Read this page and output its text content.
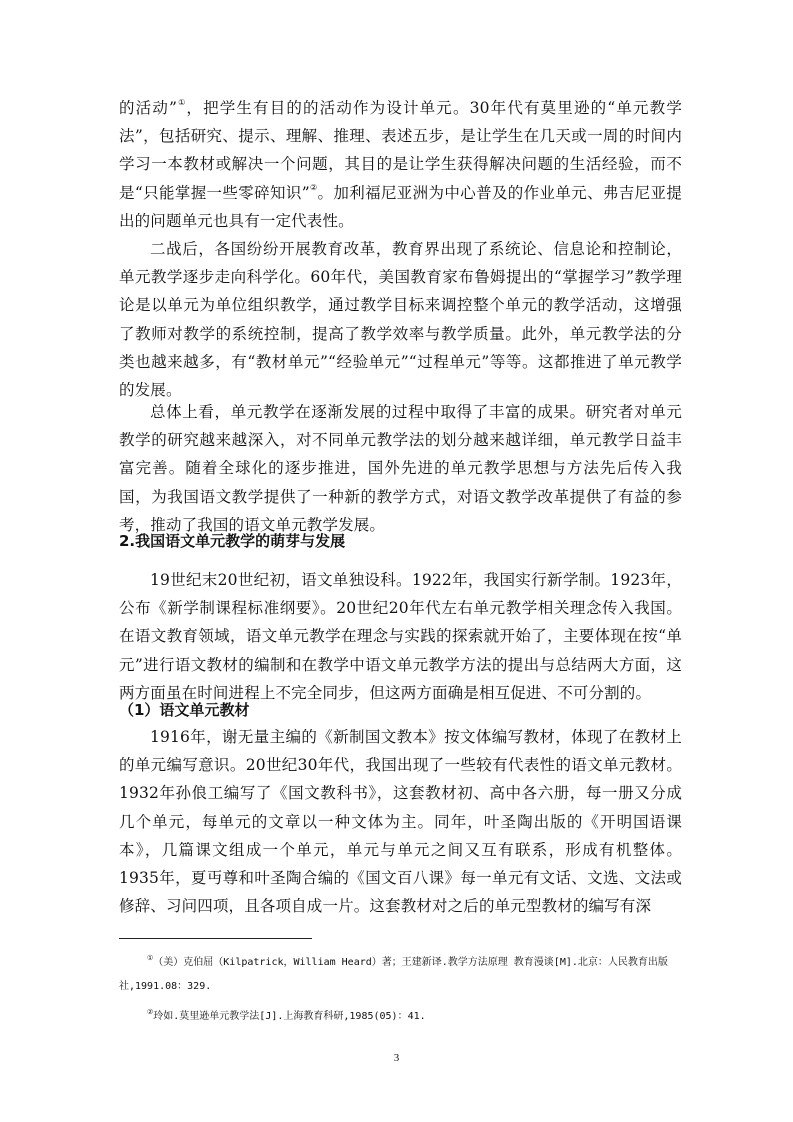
的活动”①，把学生有目的的活动作为设计单元。30年代有莫里逊的“单元教学法”，包括研究、提示、理解、推理、表述五步，是让学生在几天或一周的时间内学习一本教材或解决一个问题，其目的是让学生获得解决问题的生活经验，而不是“只能掌握一些零碎知识”②。加利福尼亚洲为中心普及的作业单元、弗吉尼亚提出的问题单元也具有一定代表性。

二战后，各国纷纷开展教育改革，教育界出现了系统论、信息论和控制论，单元教学逐步走向科学化。60年代，美国教育家布鲁姆提出的“掌握学习”教学理论是以单元为单位组织教学，通过教学目标来调控整个单元的教学活动，这增强了教师对教学的系统控制，提高了教学效率与教学质量。此外，单元教学法的分类也越来越多，有“教材单元”“经验单元”“过程单元”等等。这都推进了单元教学的发展。

总体上看，单元教学在逐渐发展的过程中取得了丰富的成果。研究者对单元教学的研究越来越深入，对不同单元教学法的划分越来越详细，单元教学日益丰富完善。随着全球化的逐步推进，国外先进的单元教学思想与方法先后传入我国，为我国语文教学提供了一种新的教学方式，对语文教学改革提供了有益的参考，推动了我国的语文单元教学发展。

2.我国语文单元教学的萌芽与发展

19世纪末20世纪初，语文单独设科。1922年，我国实行新学制。1923年，公布《新学制课程标准纲要》。20世纪20年代左右单元教学相关理念传入我国。在语文教育领域，语文单元教学在理念与实践的探索就开始了，主要体现在按“单元”进行语文教材的编制和在教学中语文单元教学方法的提出与总结两大方面，这两方面虽在时间进程上不完全同步，但这两方面确是相互促进、不可分割的。

（1）语文单元教材

1916年，谢无量主编的《新制国文教本》按文体编写教材，体现了在教材上的单元编写意识。20世纪30年代，我国出现了一些较有代表性的语文单元教材。1932年孙俍工编写了《国文教科书》，这套教材初、高中各六册，每一册又分成几个单元，每单元的文章以一种文体为主。同年，叶圣陶出版的《开明国语课本》，几篇课文组成一个单元，单元与单元之间又互有联系，形成有机整体。1935年，夏丏尊和叶圣陶合编的《国文百八课》每一单元有文话、文选、文法或修辞、习问四项，且各项自成一片。这套教材对之后的单元型教材的编写有深

①（美）克伯屈（Kilpatrick，William Heard）著；王建新译.教学方法原理 教育漫谈[M].北京：人民教育出版社,1991.08：329.

②玲如.莫里逊单元教学法[J].上海教育科研,1985(05)：41.

3
